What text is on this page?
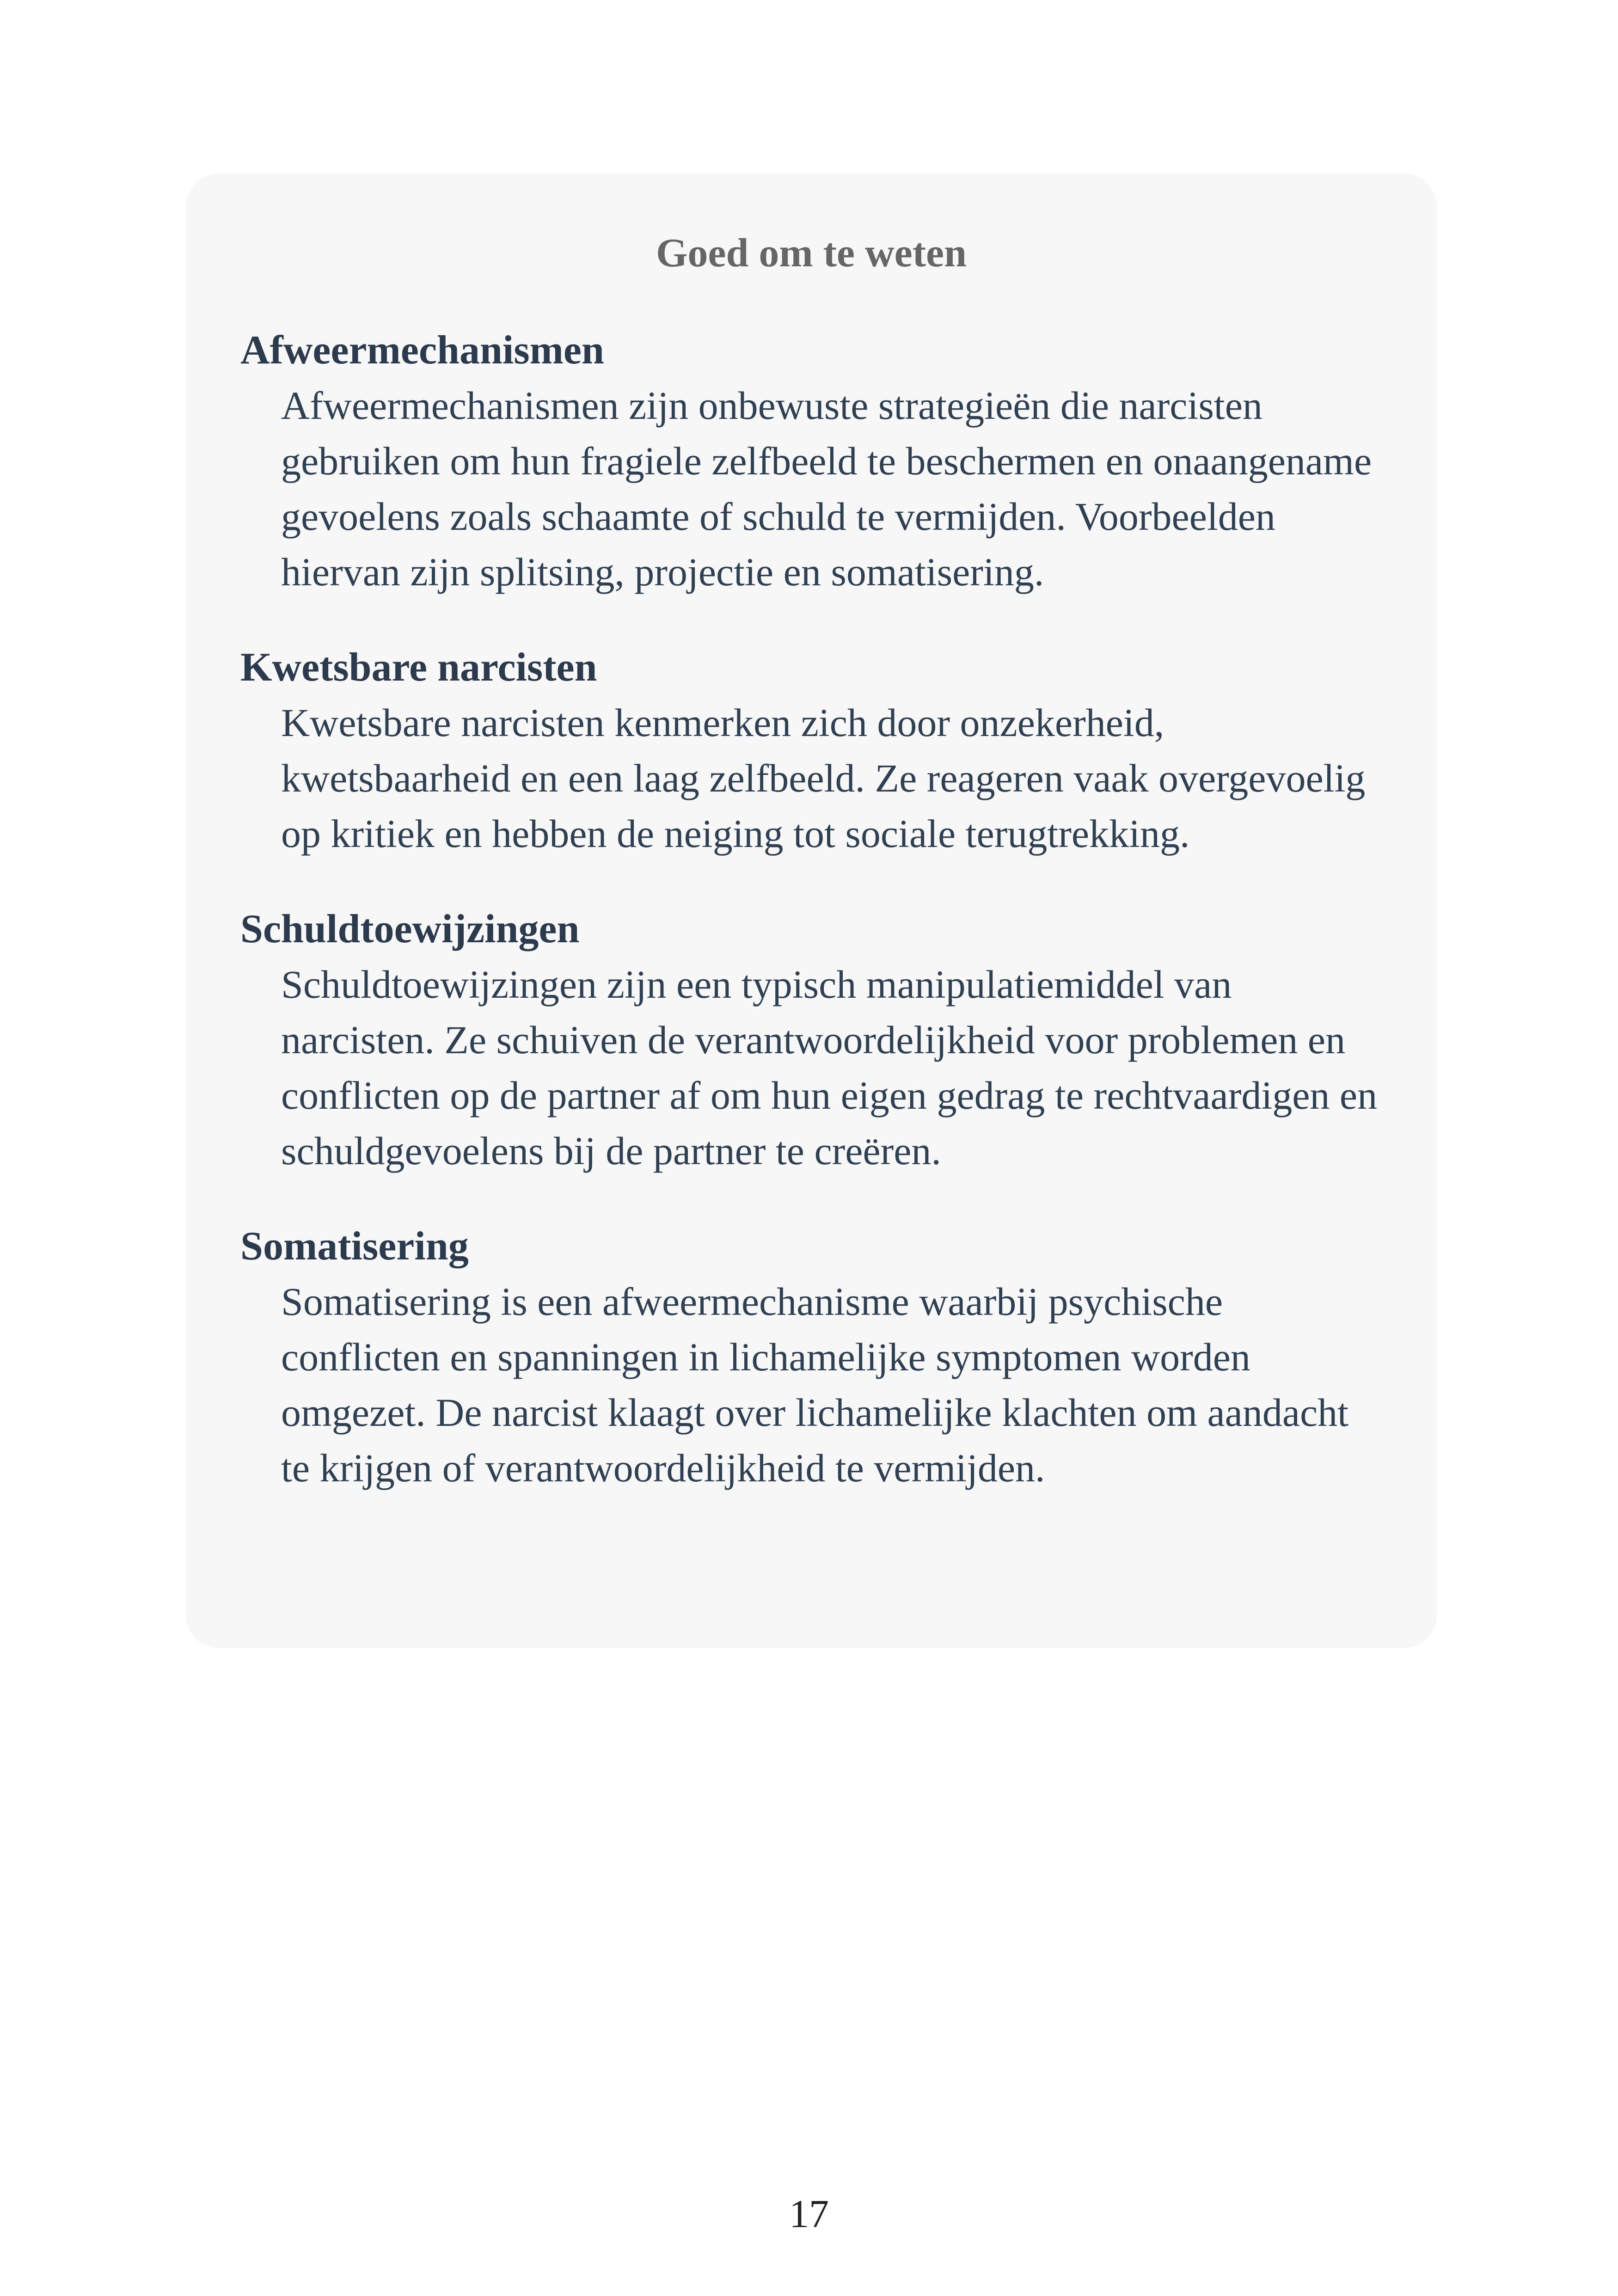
Goed om te weten

Afweermechanismen

Afweermechanismen zijn onbewuste strategieën die narcisten gebruiken om hun fragiele zelfbeeld te beschermen en onaangename gevoelens zoals schaamte of schuld te vermijden. Voorbeelden hiervan zijn splitsing, projectie en somatisering.

Kwetsbare narcisten

Kwetsbare narcisten kenmerken zich door onzekerheid, kwetsbaarheid en een laag zelfbeeld. Ze reageren vaak overgevoelig op kritiek en hebben de neiging tot sociale terugtrekking.

Schuldtoewijzingen

Schuldtoewijzingen zijn een typisch manipulatiemiddel van narcisten. Ze schuiven de verantwoordelijkheid voor problemen en conflicten op de partner af om hun eigen gedrag te rechtvaardigen en schuldgevoelens bij de partner te creëren.

Somatisering

Somatisering is een afweermechanisme waarbij psychische conflicten en spanningen in lichamelijke symptomen worden omgezet. De narcist klaagt over lichamelijke klachten om aandacht te krijgen of verantwoordelijkheid te vermijden.

17
